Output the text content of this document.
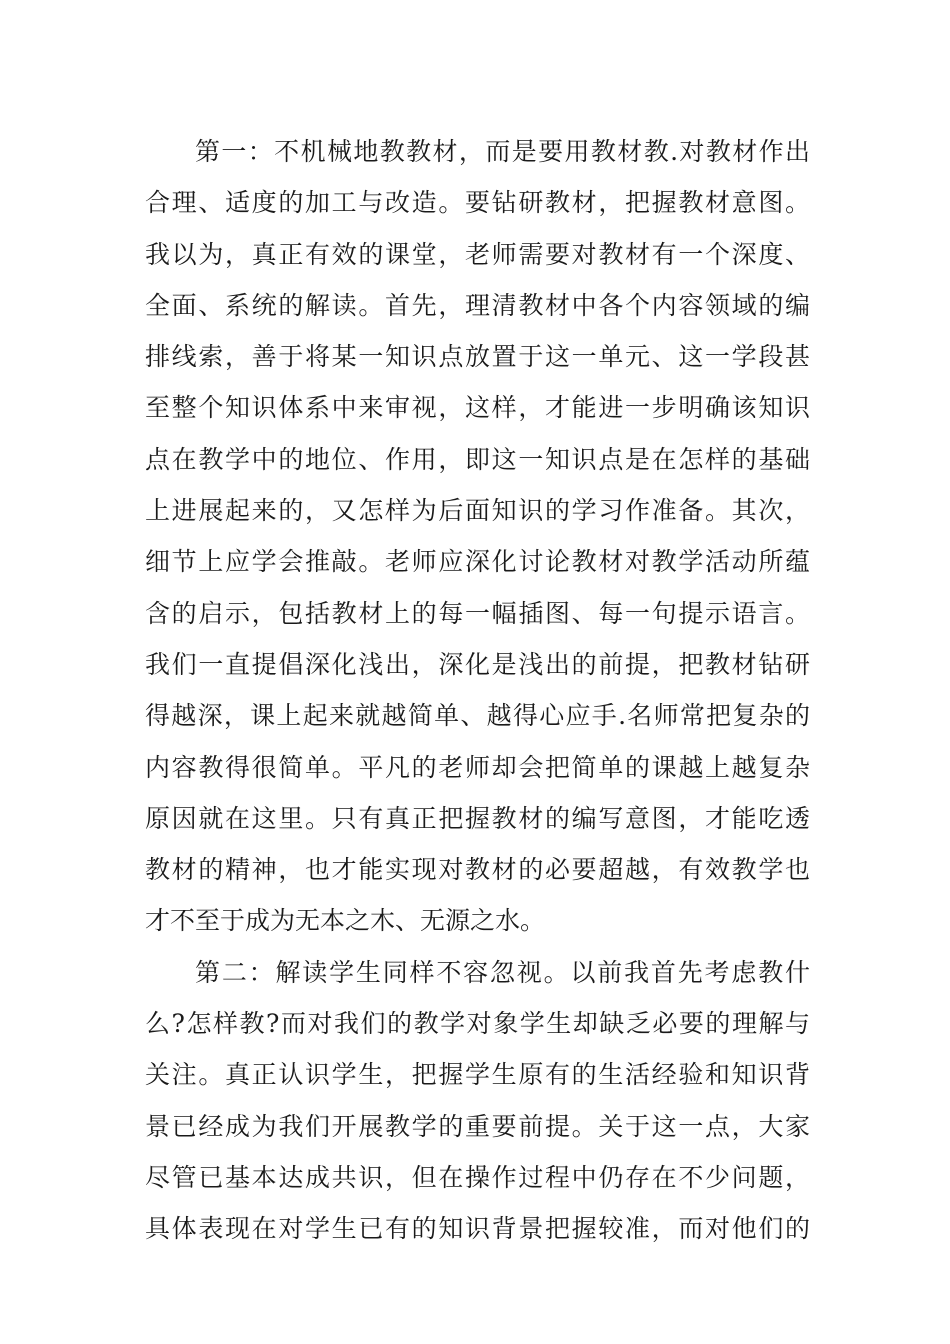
第一：不机械地教教材，而是要用教材教.对教材作出
合理、适度的加工与改造。要钻研教材，把握教材意图。
我以为，真正有效的课堂，老师需要对教材有一个深度、
全面、系统的解读。首先，理清教材中各个内容领域的编
排线索，善于将某一知识点放置于这一单元、这一学段甚
至整个知识体系中来审视，这样，才能进一步明确该知识
点在教学中的地位、作用，即这一知识点是在怎样的基础
上进展起来的，又怎样为后面知识的学习作准备。其次，
细节上应学会推敲。老师应深化讨论教材对教学活动所蕴
含的启示，包括教材上的每一幅插图、每一句提示语言。
我们一直提倡深化浅出，深化是浅出的前提，把教材钻研
得越深，课上起来就越简单、越得心应手.名师常把复杂的
内容教得很简单。平凡的老师却会把简单的课越上越复杂
原因就在这里。只有真正把握教材的编写意图，才能吃透
教材的精神，也才能实现对教材的必要超越，有效教学也
才不至于成为无本之木、无源之水。
第二：解读学生同样不容忽视。以前我首先考虑教什
么?怎样教?而对我们的教学对象学生却缺乏必要的理解与
关注。真正认识学生，把握学生原有的生活经验和知识背
景已经成为我们开展教学的重要前提。关于这一点，大家
尽管已基本达成共识，但在操作过程中仍存在不少问题，
具体表现在对学生已有的知识背景把握较准，而对他们的
